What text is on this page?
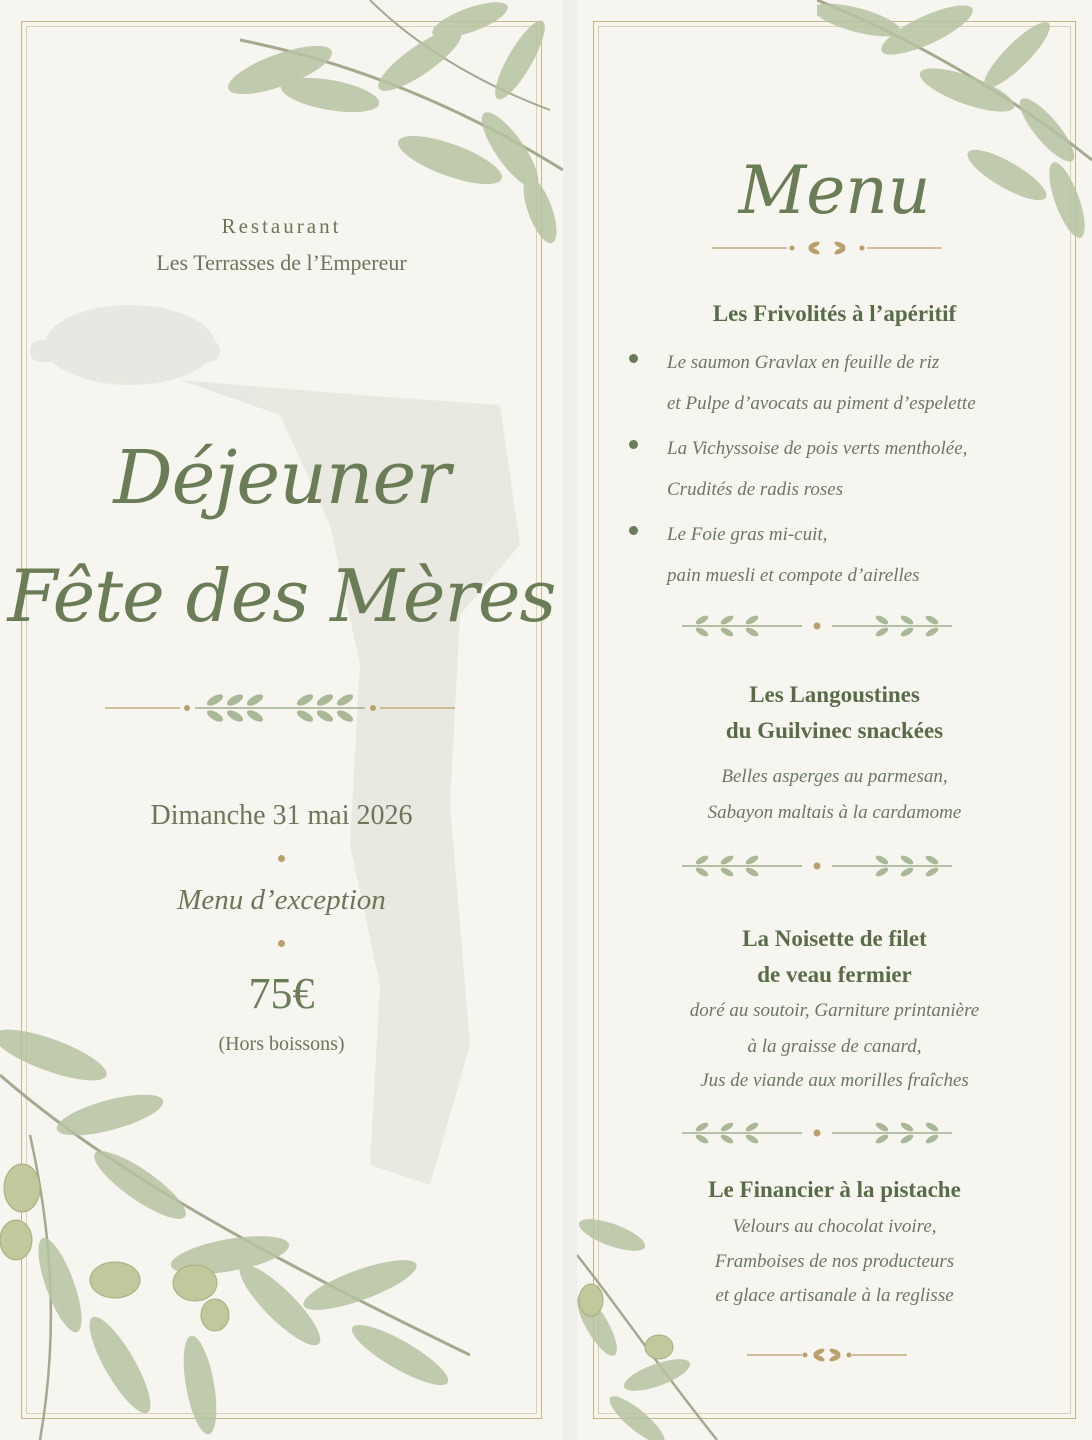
Restaurant
Les Terrasses de l’Empereur
Déjeuner
Fête des Mères
Dimanche 31 mai 2026
Menu d’exception
75€
(Hors boissons)
Menu
Les Frivolités à l’apéritif
Le saumon Gravlax en feuille de riz
et Pulpe d’avocats au piment d’espelette
La Vichyssoise de pois verts mentholée,
Crudités de radis roses
Le Foie gras mi-cuit,
pain muesli et compote d’airelles
Les Langoustines
du Guilvinec snackées
Belles asperges au parmesan,
Sabayon maltais à la cardamome
La Noisette de filet
de veau fermier
doré au soutoir, Garniture printanière
à la graisse de canard,
Jus de viande aux morilles fraîches
Le Financier à la pistache
Velours au chocolat ivoire,
Framboises de nos producteurs
et glace artisanale à la reglisse
